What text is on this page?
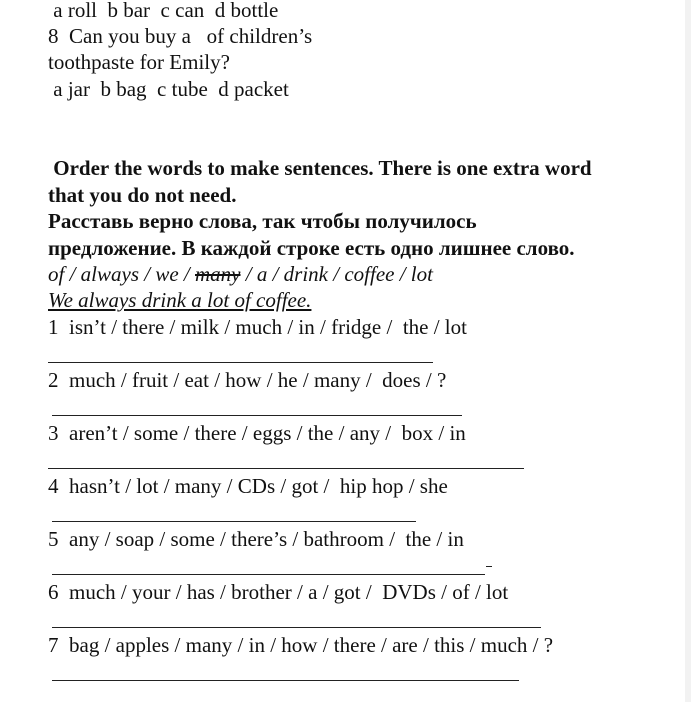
a roll  b bar  c can  d bottle
8  Can you buy a   of children’s
toothpaste for Emily?
a jar  b bag  c tube  d packet
Order the words to make sentences. There is one extra word
that you do not need.
Расставь верно слова, так чтобы получилось
предложение. В каждой строке есть одно лишнее слово.
of / always / we / many / a / drink / coffee / lot
We always drink a lot of coffee.
1  isn’t / there / milk / much / in / fridge /  the / lot
2  much / fruit / eat / how / he / many /  does / ?
3  aren’t / some / there / eggs / the / any /  box / in
4  hasn’t / lot / many / CDs / got /  hip hop / she
5  any / soap / some / there’s / bathroom /  the / in
6  much / your / has / brother / a / got /  DVDs / of / lot
7  bag / apples / many / in / how / there / are / this / much / ?
